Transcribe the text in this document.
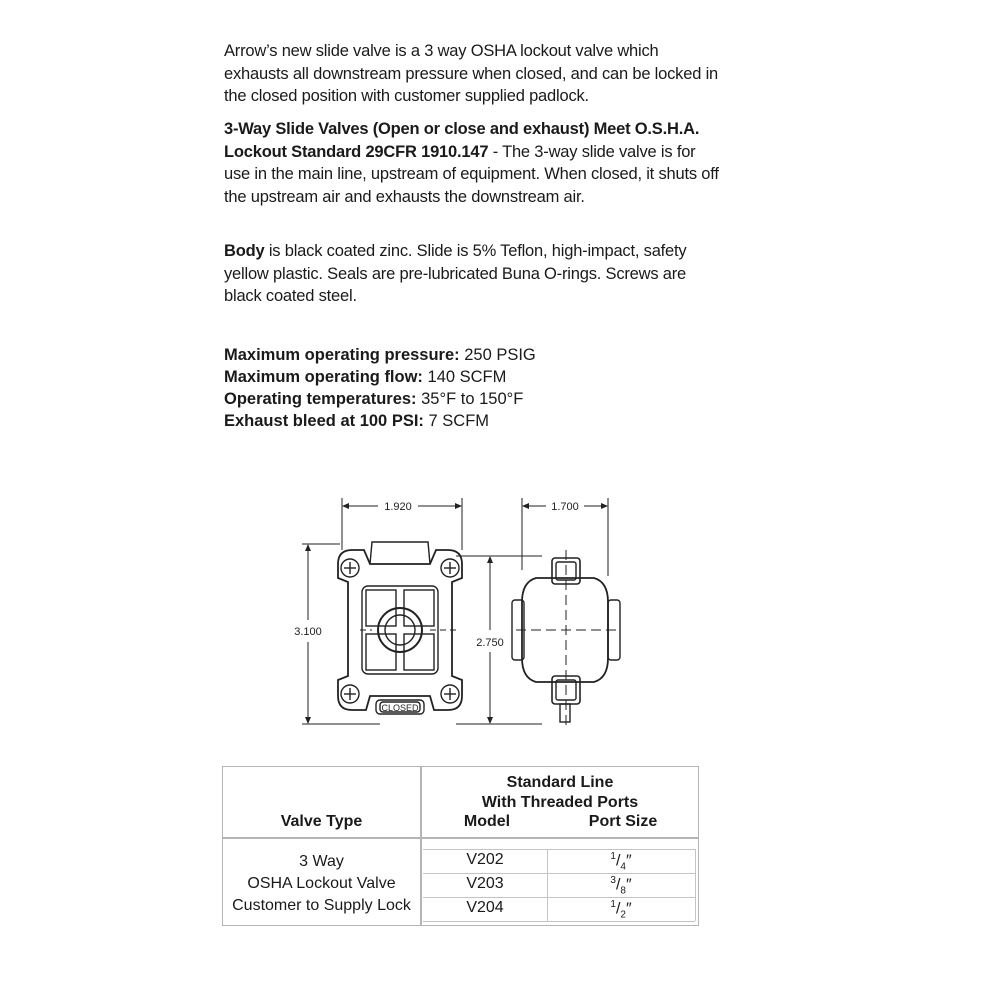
Arrow’s new slide valve is a 3 way OSHA lockout valve which exhausts all downstream pressure when closed, and can be locked in the closed position with customer supplied padlock.
3-Way Slide Valves (Open or close and exhaust) Meet O.S.H.A. Lockout Standard 29CFR 1910.147 - The 3-way slide valve is for use in the main line, upstream of equipment. When closed, it shuts off the upstream air and exhausts the downstream air.
Body is black coated zinc. Slide is 5% Teflon, high-impact, safety yellow plastic. Seals are pre-lubricated Buna O-rings. Screws are black coated steel.
Maximum operating pressure: 250 PSIG
Maximum operating flow: 140 SCFM
Operating temperatures: 35°F to 150°F
Exhaust bleed at 100 PSI: 7 SCFM
1.920
3.100
CLOSED
2.750
1.700
Standard Line
With Threaded Ports
Valve Type	Model	Port Size
3 Way
OSHA Lockout Valve
Customer to Supply Lock
V202	$^1/_4''$
V203	$^3/_8''$
V204	$^1/_2''$
